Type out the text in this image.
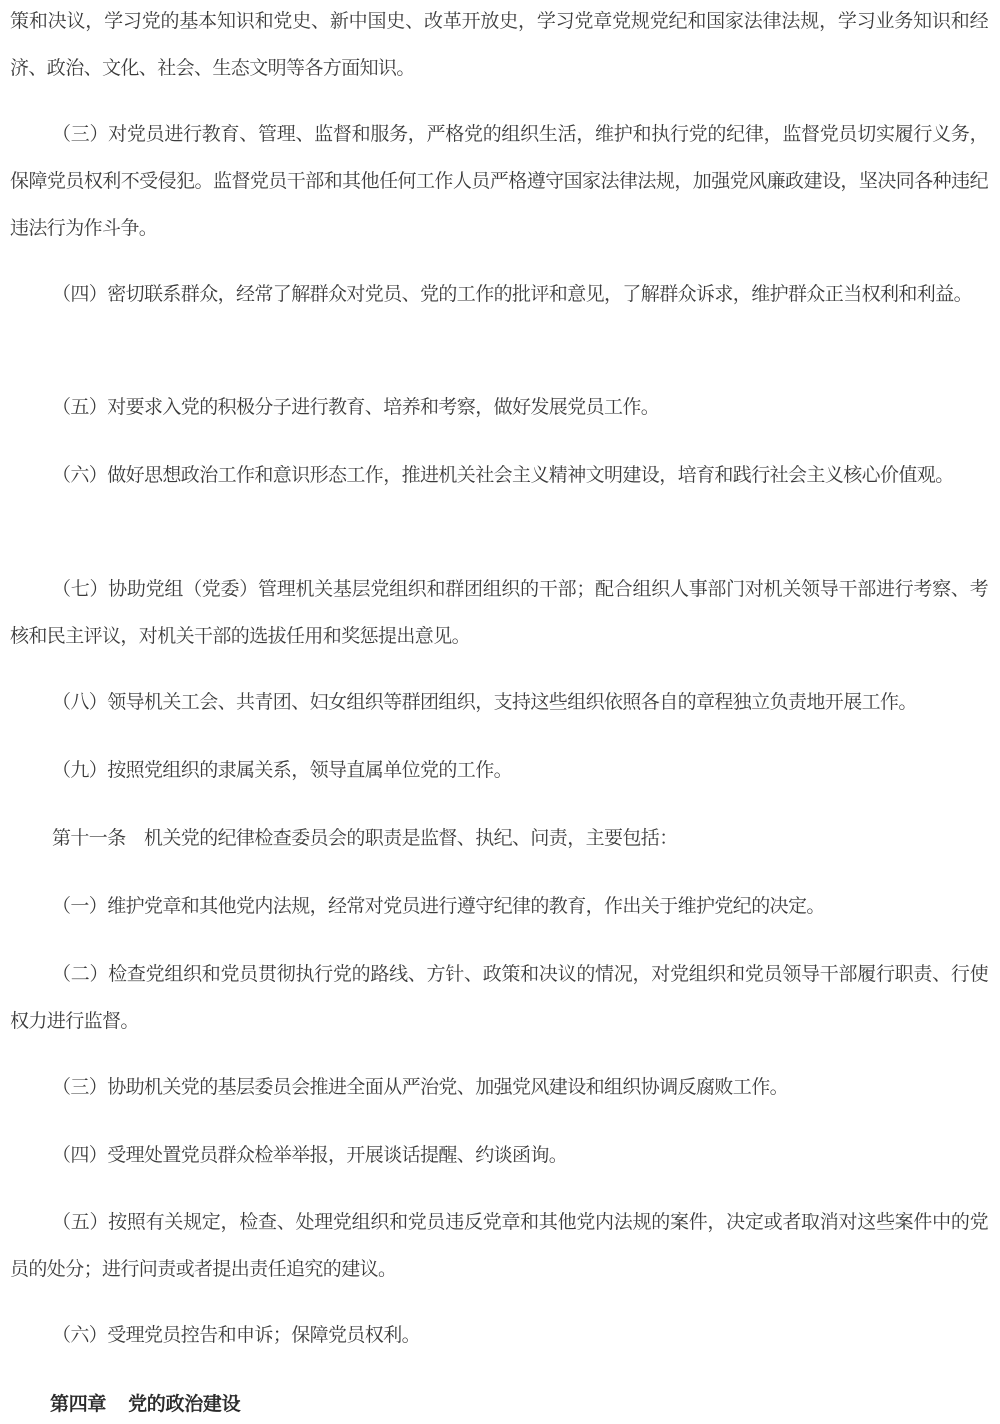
策和决议，学习党的基本知识和党史、新中国史、改革开放史，学习党章党规党纪和国家法律法规，学习业务知识和经济、政治、文化、社会、生态文明等各方面知识。

（三）对党员进行教育、管理、监督和服务，严格党的组织生活，维护和执行党的纪律，监督党员切实履行义务，保障党员权利不受侵犯。监督党员干部和其他任何工作人员严格遵守国家法律法规，加强党风廉政建设，坚决同各种违纪违法行为作斗争。

（四）密切联系群众，经常了解群众对党员、党的工作的批评和意见，了解群众诉求，维护群众正当权利和利益。

（五）对要求入党的积极分子进行教育、培养和考察，做好发展党员工作。

（六）做好思想政治工作和意识形态工作，推进机关社会主义精神文明建设，培育和践行社会主义核心价值观。

（七）协助党组（党委）管理机关基层党组织和群团组织的干部；配合组织人事部门对机关领导干部进行考察、考核和民主评议，对机关干部的选拔任用和奖惩提出意见。

（八）领导机关工会、共青团、妇女组织等群团组织，支持这些组织依照各自的章程独立负责地开展工作。

（九）按照党组织的隶属关系，领导直属单位党的工作。

第十一条　机关党的纪律检查委员会的职责是监督、执纪、问责，主要包括：

（一）维护党章和其他党内法规，经常对党员进行遵守纪律的教育，作出关于维护党纪的决定。

（二）检查党组织和党员贯彻执行党的路线、方针、政策和决议的情况，对党组织和党员领导干部履行职责、行使权力进行监督。

（三）协助机关党的基层委员会推进全面从严治党、加强党风建设和组织协调反腐败工作。

（四）受理处置党员群众检举举报，开展谈话提醒、约谈函询。

（五）按照有关规定，检查、处理党组织和党员违反党章和其他党内法规的案件，决定或者取消对这些案件中的党员的处分；进行问责或者提出责任追究的建议。

（六）受理党员控告和申诉；保障党员权利。

第四章 党的政治建设
